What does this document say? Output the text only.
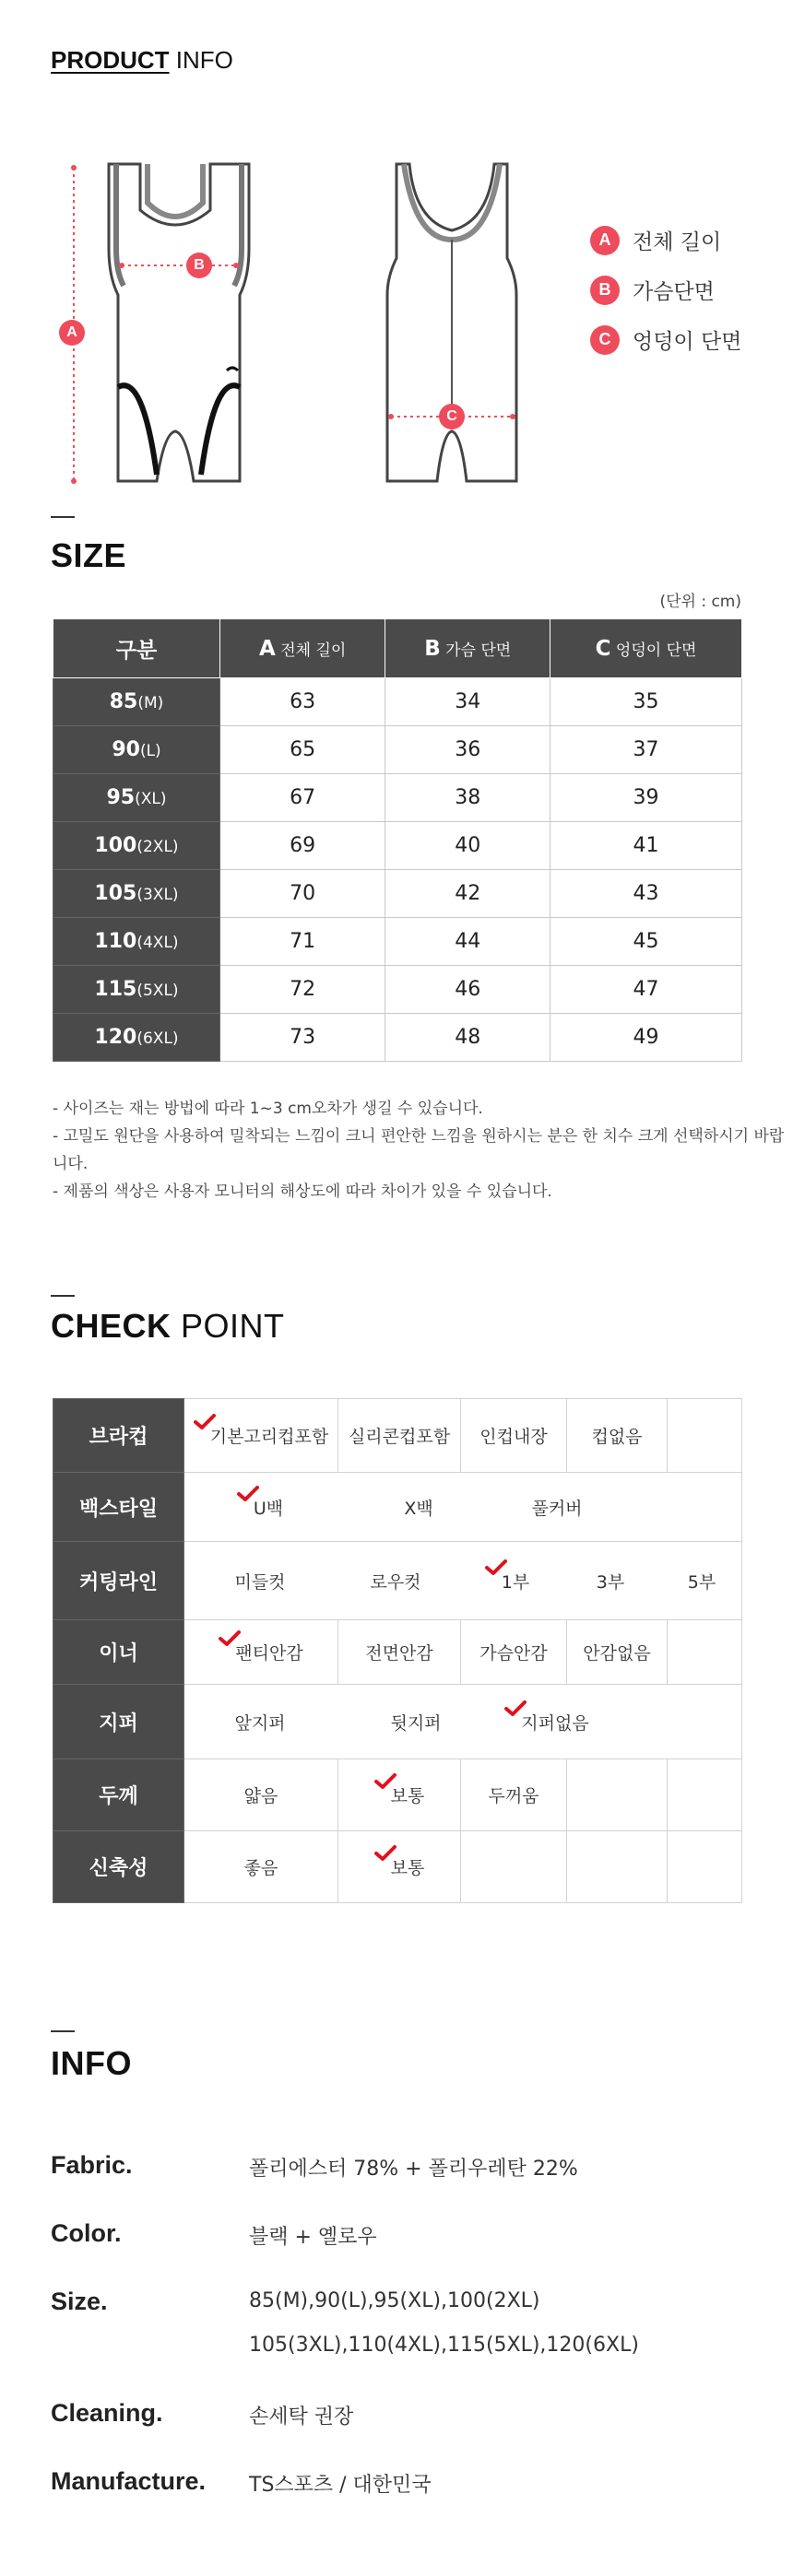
PRODUCT INFO
A
B
C
A	전체 길이
B	가슴단면
C	엉덩이 단면
SIZE
(단위 : cm)
구분	A 전체 길이	B 가슴 단면	C 엉덩이 단면
85(M)	63	34	35
90(L)	65	36	37
95(XL)	67	38	39
100(2XL)	69	40	41
105(3XL)	70	42	43
110(4XL)	71	44	45
115(5XL)	72	46	47
120(6XL)	73	48	49
- 사이즈는 재는 방법에 따라 1~3 cm오차가 생길 수 있습니다.
- 고밀도 원단을 사용하여 밀착되는 느낌이 크니 편안한 느낌을 원하시는 분은 한 치수 크게 선택하시기 바랍니다.
- 제품의 색상은 사용자 모니터의 해상도에 따라 차이가 있을 수 있습니다.
CHECK POINT
브라컵	기본고리컵포함	실리콘컵포함	인컵내장	컵없음	
백스타일	U백 X백 풀커버				

커팅라인	미들컷 로우컷 1부 3부 5부				

이너	팬티안감	전면안감	가슴안감	안감없음	
지퍼	앞지퍼 뒷지퍼 지퍼없음				

두께	얇음	보통	두꺼움		
신축성	좋음	보통			
INFO
Fabric.	폴리에스터 78% + 폴리우레탄 22%
Color.	블랙 + 옐로우
Size.	85(M),90(L),95(XL),100(2XL)
105(3XL),110(4XL),115(5XL),120(6XL)
Cleaning.	손세탁 권장
Manufacture. TS스포츠 / 대한민국
